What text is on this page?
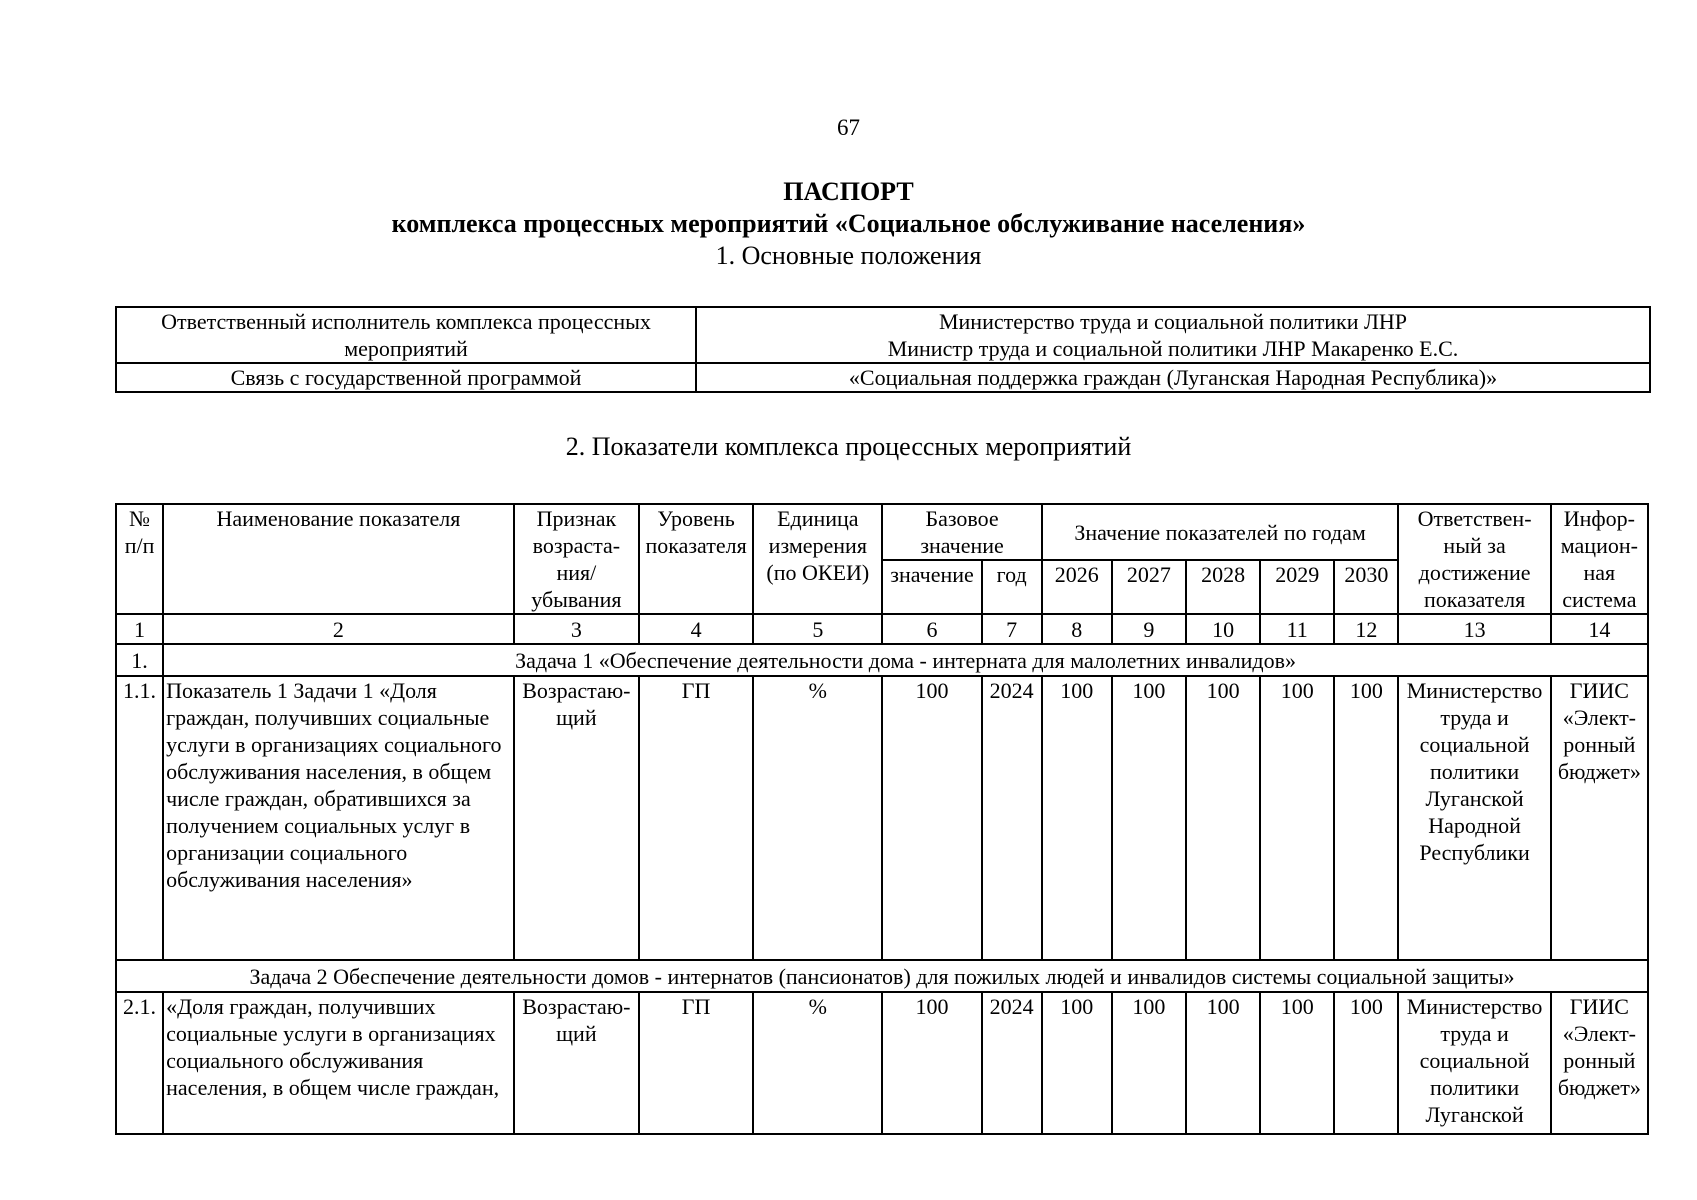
67
ПАСПОРТ
комплекса процессных мероприятий «Социальное обслуживание населения»
1. Основные положения
Ответственный исполнитель комплекса процессных мероприятий	Министерство труда и социальной политики ЛНР
Министр труда и социальной политики ЛНР Макаренко Е.С.

Связь с государственной программой	«Социальная поддержка граждан (Луганская Народная Республика)»
2. Показатели комплекса процессных мероприятий
№ п/п	Наименование показателя	Признак возраста-ния/ убывания	Уровень показателя	Единица измерения (по ОКЕИ)	Базовое значение		Значение показателей по годам					Ответствен-ный за достижение показателя	Инфор-мацион-ная система
					значение	год	2026	2027	2028	2029	2030		
1	2	3	4	5	6	7	8	9	10	11	12	13	14
1.	Задача 1 «Обеспечение деятельности дома - интерната для малолетних инвалидов»												
1.1.	Показатель 1 Задачи 1 «Доля граждан, получивших социальные услуги в организациях социального обслуживания населения, в общем числе граждан, обратившихся за получением социальных услуг в организации социального обслуживания населения»	Возрастаю-щий	ГП	%	100	2024	100	100	100	100	100	Министерство труда и социальной политики Луганской Народной Республики	ГИИС «Элект-ронный бюджет»
Задача 2 Обеспечение деятельности домов - интернатов (пансионатов) для пожилых людей и инвалидов системы социальной защиты»													
2.1.	«Доля граждан, получивших социальные услуги в организациях социального обслуживания населения, в общем числе граждан,	Возрастаю-щий	ГП	%	100	2024	100	100	100	100	100	Министерство труда и социальной политики Луганской	ГИИС «Элект-ронный бюджет»
